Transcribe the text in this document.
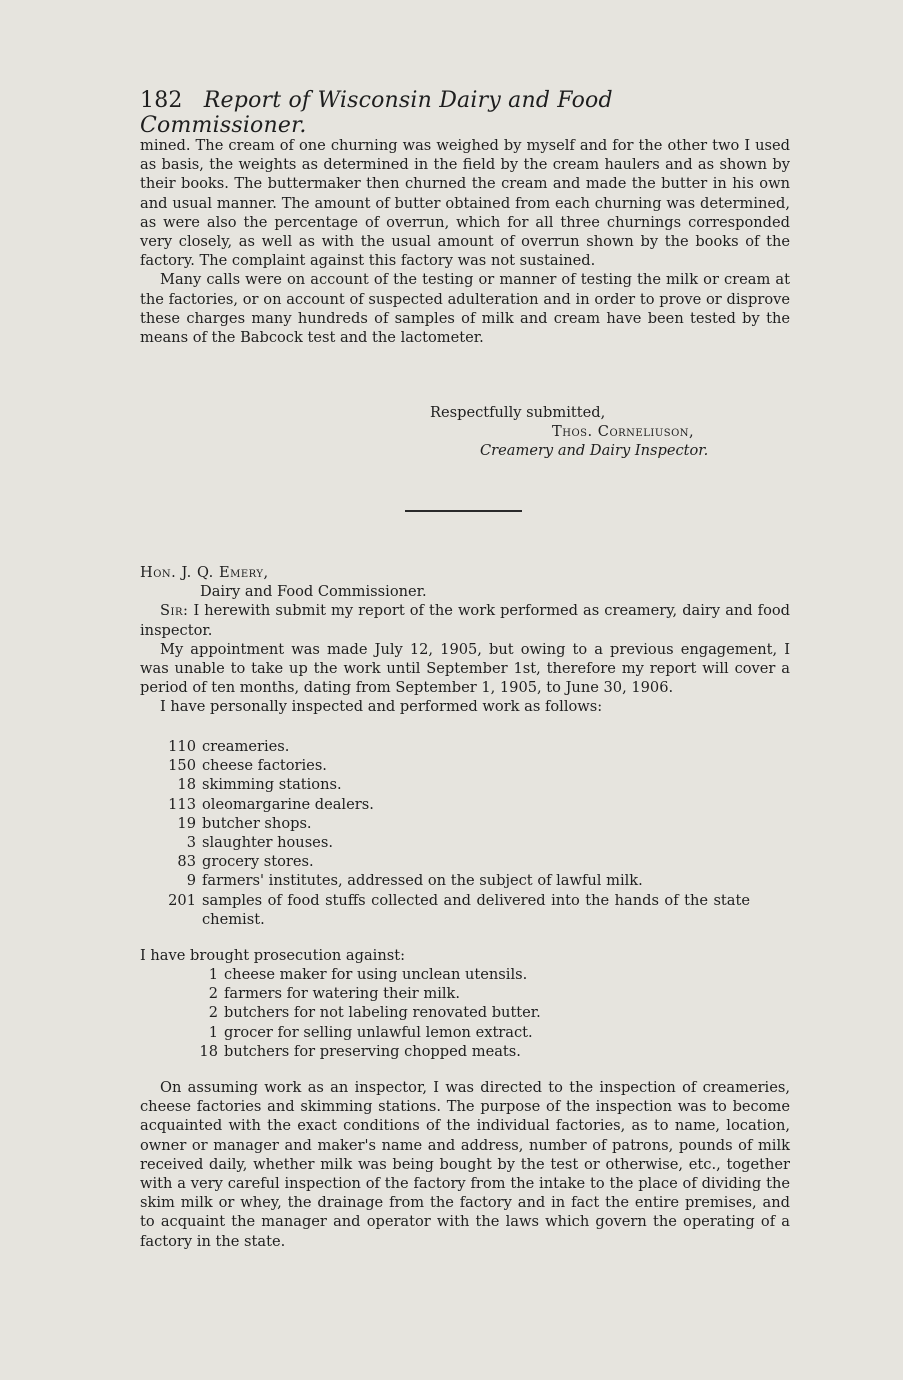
182 Report of Wisconsin Dairy and Food Commissioner.

mined. The cream of one churning was weighed by myself and for the other two I used as basis, the weights as determined in the field by the cream haulers and as shown by their books. The buttermaker then churned the cream and made the butter in his own and usual manner. The amount of butter obtained from each churning was determined, as were also the percentage of overrun, which for all three churnings corresponded very closely, as well as with the usual amount of overrun shown by the books of the factory. The complaint against this factory was not sustained.

Many calls were on account of the testing or manner of testing the milk or cream at the factories, or on account of suspected adulteration and in order to prove or disprove these charges many hundreds of samples of milk and cream have been tested by the means of the Babcock test and the lactometer.

Respectfully submitted,
Thos. Corneliuson,
Creamery and Dairy Inspector.

Hon. J. Q. Emery,

Dairy and Food Commissioner.

Sir: I herewith submit my report of the work performed as creamery, dairy and food inspector.

My appointment was made July 12, 1905, but owing to a previous engagement, I was unable to take up the work until September 1st, therefore my report will cover a period of ten months, dating from September 1, 1905, to June 30, 1906.

I have personally inspected and performed work as follows:

110 creameries.
150 cheese factories.
18 skimming stations.
113 oleomargarine dealers.
19 butcher shops.
3 slaughter houses.
83 grocery stores.
9 farmers' institutes, addressed on the subject of lawful milk.
201 samples of food stuffs collected and delivered into the hands of the state chemist.
I have brought prosecution against:
1 cheese maker for using unclean utensils.
2 farmers for watering their milk.
2 butchers for not labeling renovated butter.
1 grocer for selling unlawful lemon extract.
18 butchers for preserving chopped meats.

On assuming work as an inspector, I was directed to the inspection of creameries, cheese factories and skimming stations. The purpose of the inspection was to become acquainted with the exact conditions of the individual factories, as to name, location, owner or manager and maker's name and address, number of patrons, pounds of milk received daily, whether milk was being bought by the test or otherwise, etc., together with a very careful inspection of the factory from the intake to the place of dividing the skim milk or whey, the drainage from the factory and in fact the entire premises, and to acquaint the manager and operator with the laws which govern the operating of a factory in the state.
